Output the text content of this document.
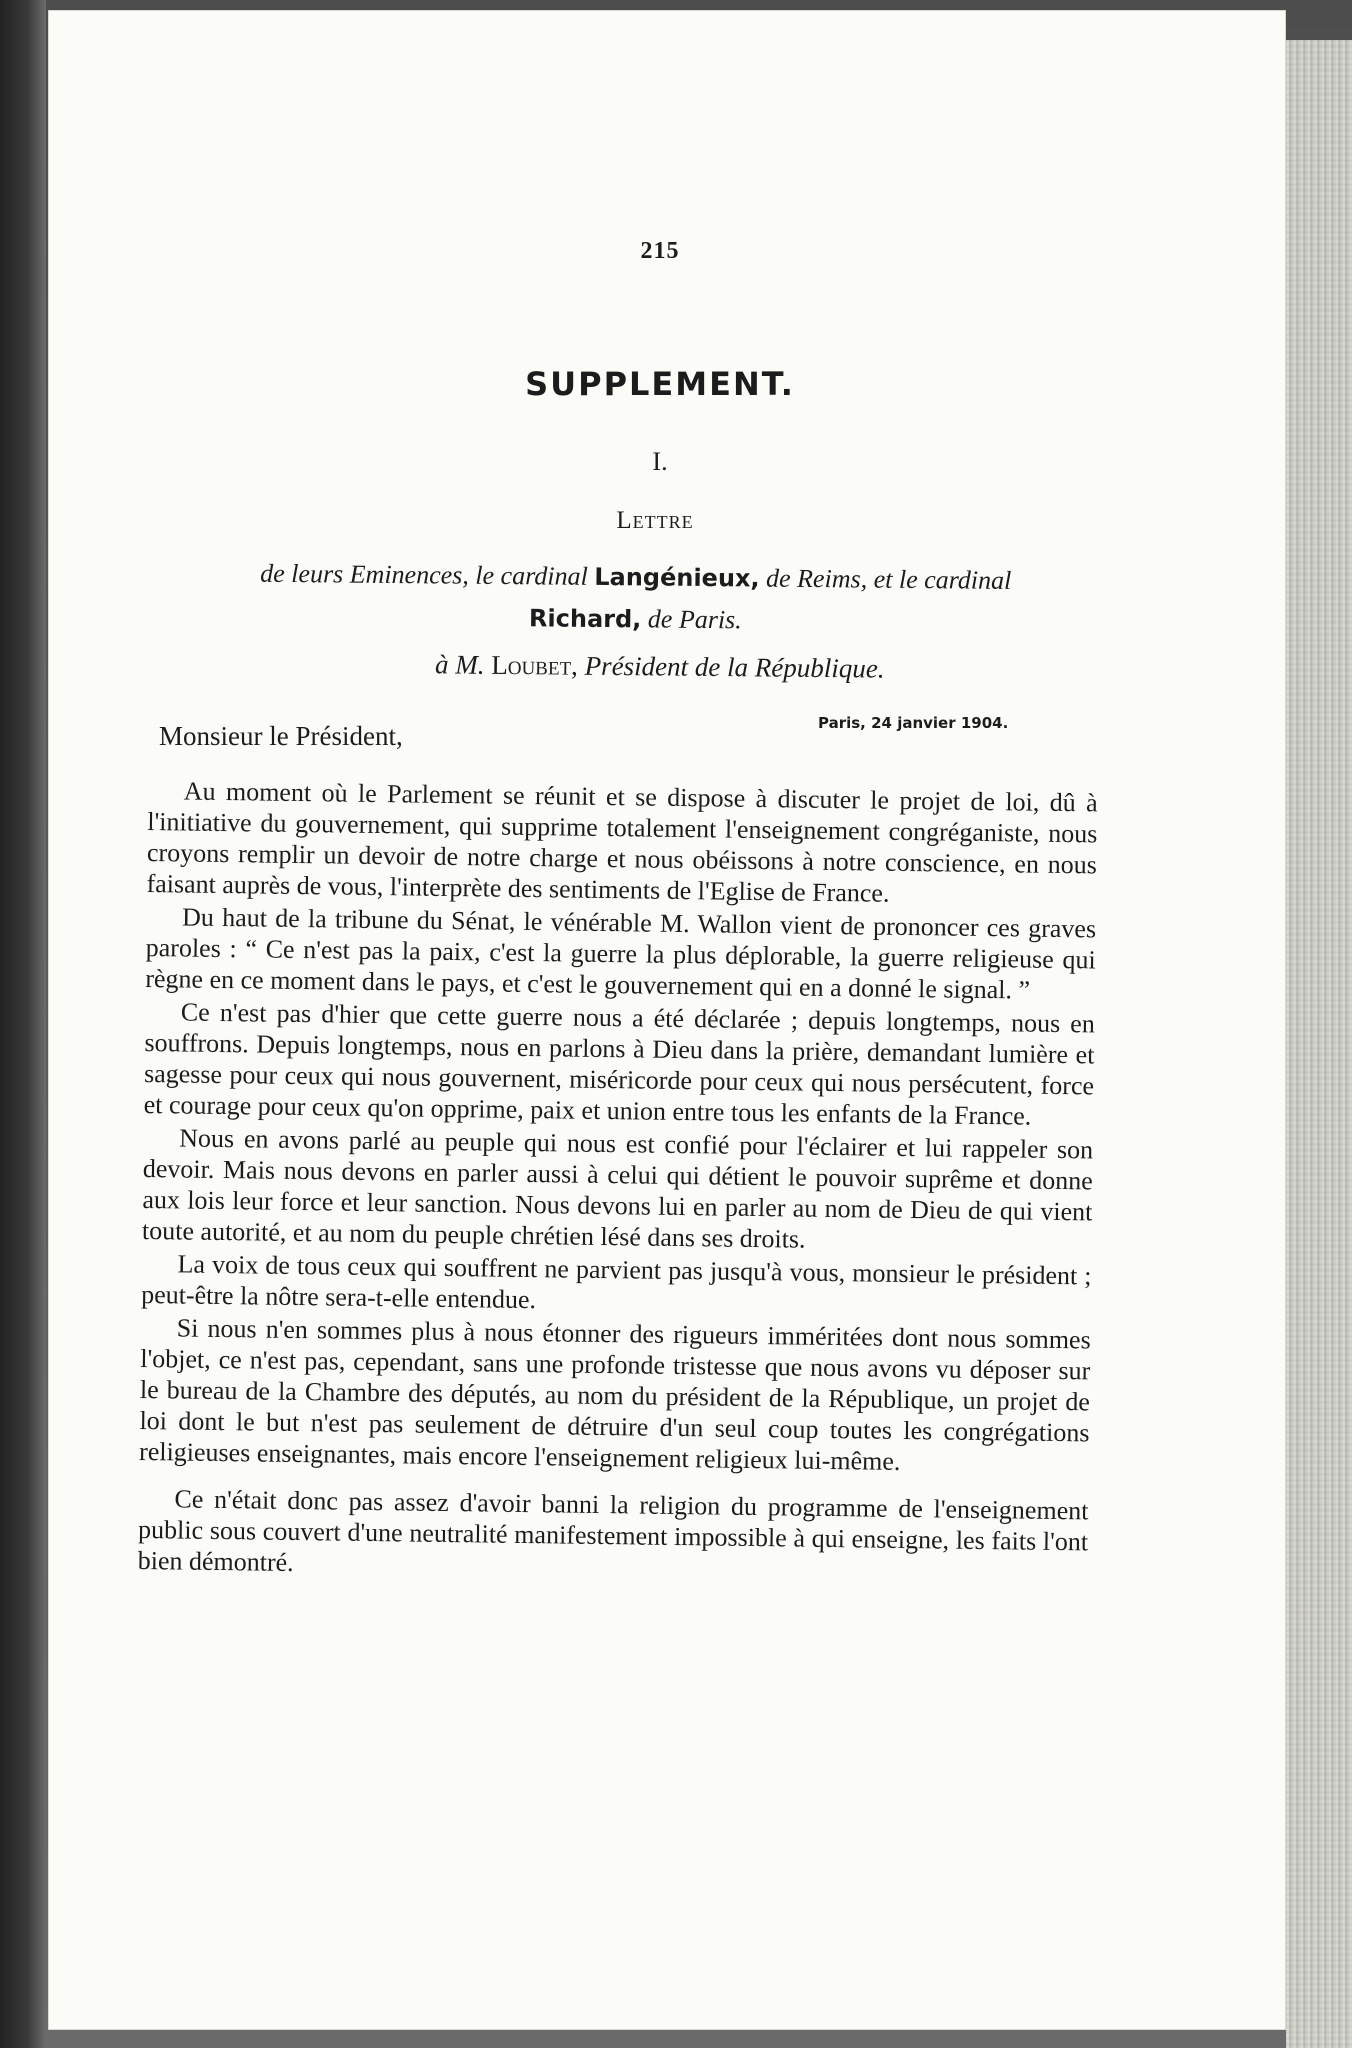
215
SUPPLEMENT.
I.
Lettre
de leurs Eminences, le cardinal Langénieux, de Reims, et le cardinal
Richard, de Paris.
à M. Loubet, Président de la République.
Monsieur le Président,	Paris, 24 janvier 1904.

Au moment où le Parlement se réunit et se dispose à discuter le projet de loi, dû à l'initiative du gouvernement, qui supprime totalement l'enseignement congréganiste, nous croyons remplir un devoir de notre charge et nous obéissons à notre conscience, en nous faisant auprès de vous, l'interprète des sentiments de l'Eglise de France.

Du haut de la tribune du Sénat, le vénérable M. Wallon vient de prononcer ces graves paroles : “ Ce n'est pas la paix, c'est la guerre la plus déplorable, la guerre religieuse qui règne en ce moment dans le pays, et c'est le gouvernement qui en a donné le signal. ”

Ce n'est pas d'hier que cette guerre nous a été déclarée ; depuis longtemps, nous en souffrons. Depuis longtemps, nous en parlons à Dieu dans la prière, demandant lumière et sagesse pour ceux qui nous gouvernent, miséricorde pour ceux qui nous persécutent, force et courage pour ceux qu'on opprime, paix et union entre tous les enfants de la France.

Nous en avons parlé au peuple qui nous est confié pour l'éclairer et lui rappeler son devoir. Mais nous devons en parler aussi à celui qui détient le pouvoir suprême et donne aux lois leur force et leur sanction. Nous devons lui en parler au nom de Dieu de qui vient toute autorité, et au nom du peuple chrétien lésé dans ses droits.

La voix de tous ceux qui souffrent ne parvient pas jusqu'à vous, monsieur le président ; peut-être la nôtre sera-t-elle entendue.

Si nous n'en sommes plus à nous étonner des rigueurs imméritées dont nous sommes l'objet, ce n'est pas, cependant, sans une profonde tristesse que nous avons vu déposer sur le bureau de la Chambre des députés, au nom du président de la République, un projet de loi dont le but n'est pas seulement de détruire d'un seul coup toutes les congrégations religieuses enseignantes, mais encore l'enseignement religieux lui-même.

Ce n'était donc pas assez d'avoir banni la religion du programme de l'enseignement public sous couvert d'une neutralité manifestement impossible à qui enseigne, les faits l'ont bien démontré.
